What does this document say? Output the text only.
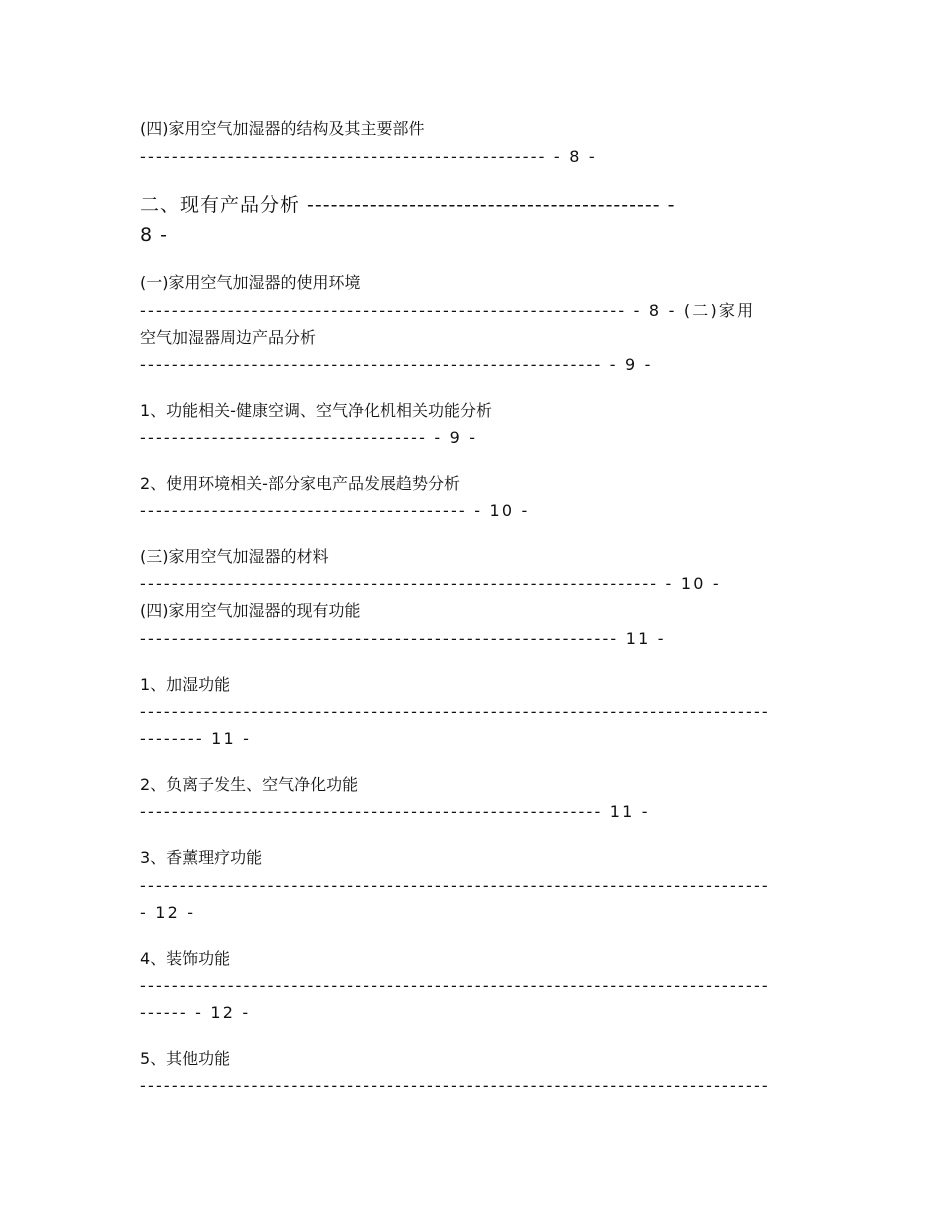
(四)家用空气加湿器的结构及其主要部件
--------------------------------------------------- - 8 -
二、现有产品分析 --------------------------------------------- -
8 -
(一)家用空气加湿器的使用环境
------------------------------------------------------------- - 8 - (二)家用
空气加湿器周边产品分析
---------------------------------------------------------- - 9 -
1、功能相关-健康空调、空气净化机相关功能分析
------------------------------------ - 9 -
2、使用环境相关-部分家电产品发展趋势分析
----------------------------------------- - 10 -
(三)家用空气加湿器的材料
----------------------------------------------------------------- - 10 -
(四)家用空气加湿器的现有功能
------------------------------------------------------------ 11 -
1、加湿功能
-------------------------------------------------------------------------------
-------- 11 -
2、负离子发生、空气净化功能
---------------------------------------------------------- 11 -
3、香薰理疗功能
-------------------------------------------------------------------------------
- 12 -
4、装饰功能
-------------------------------------------------------------------------------
------ - 12 -
5、其他功能
-------------------------------------------------------------------------------
